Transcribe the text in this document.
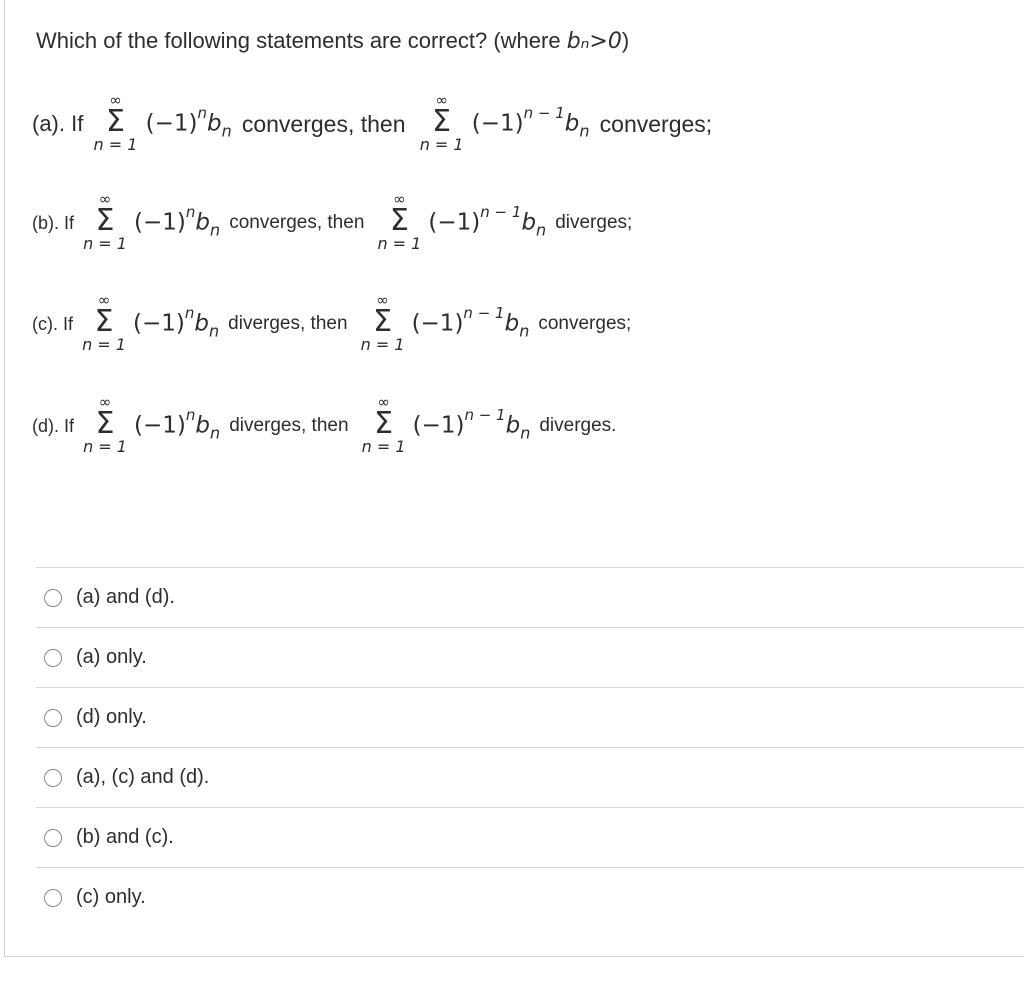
Which of the following statements are correct? (where bₙ>0)
(a). If
∞
Σ
n = 1
$(-1)^nb_n$ converges, then
∞
Σ
n = 1
$(-1)^{n - 1}b_n$ converges;
(b). If
∞
Σ
n = 1
$(-1)^nb_n$ converges, then
∞
Σ
n = 1
$(-1)^{n - 1}b_n$ diverges;
(c). If
∞
Σ
n = 1
$(-1)^nb_n$ diverges, then
∞
Σ
n = 1
$(-1)^{n - 1}b_n$ converges;
(d). If
∞
Σ
n = 1
$(-1)^nb_n$ diverges, then
∞
Σ
n = 1
$(-1)^{n - 1}b_n$ diverges.
(a) and (d).
(a) only.
(d) only.
(a), (c) and (d).
(b) and (c).
(c) only.
